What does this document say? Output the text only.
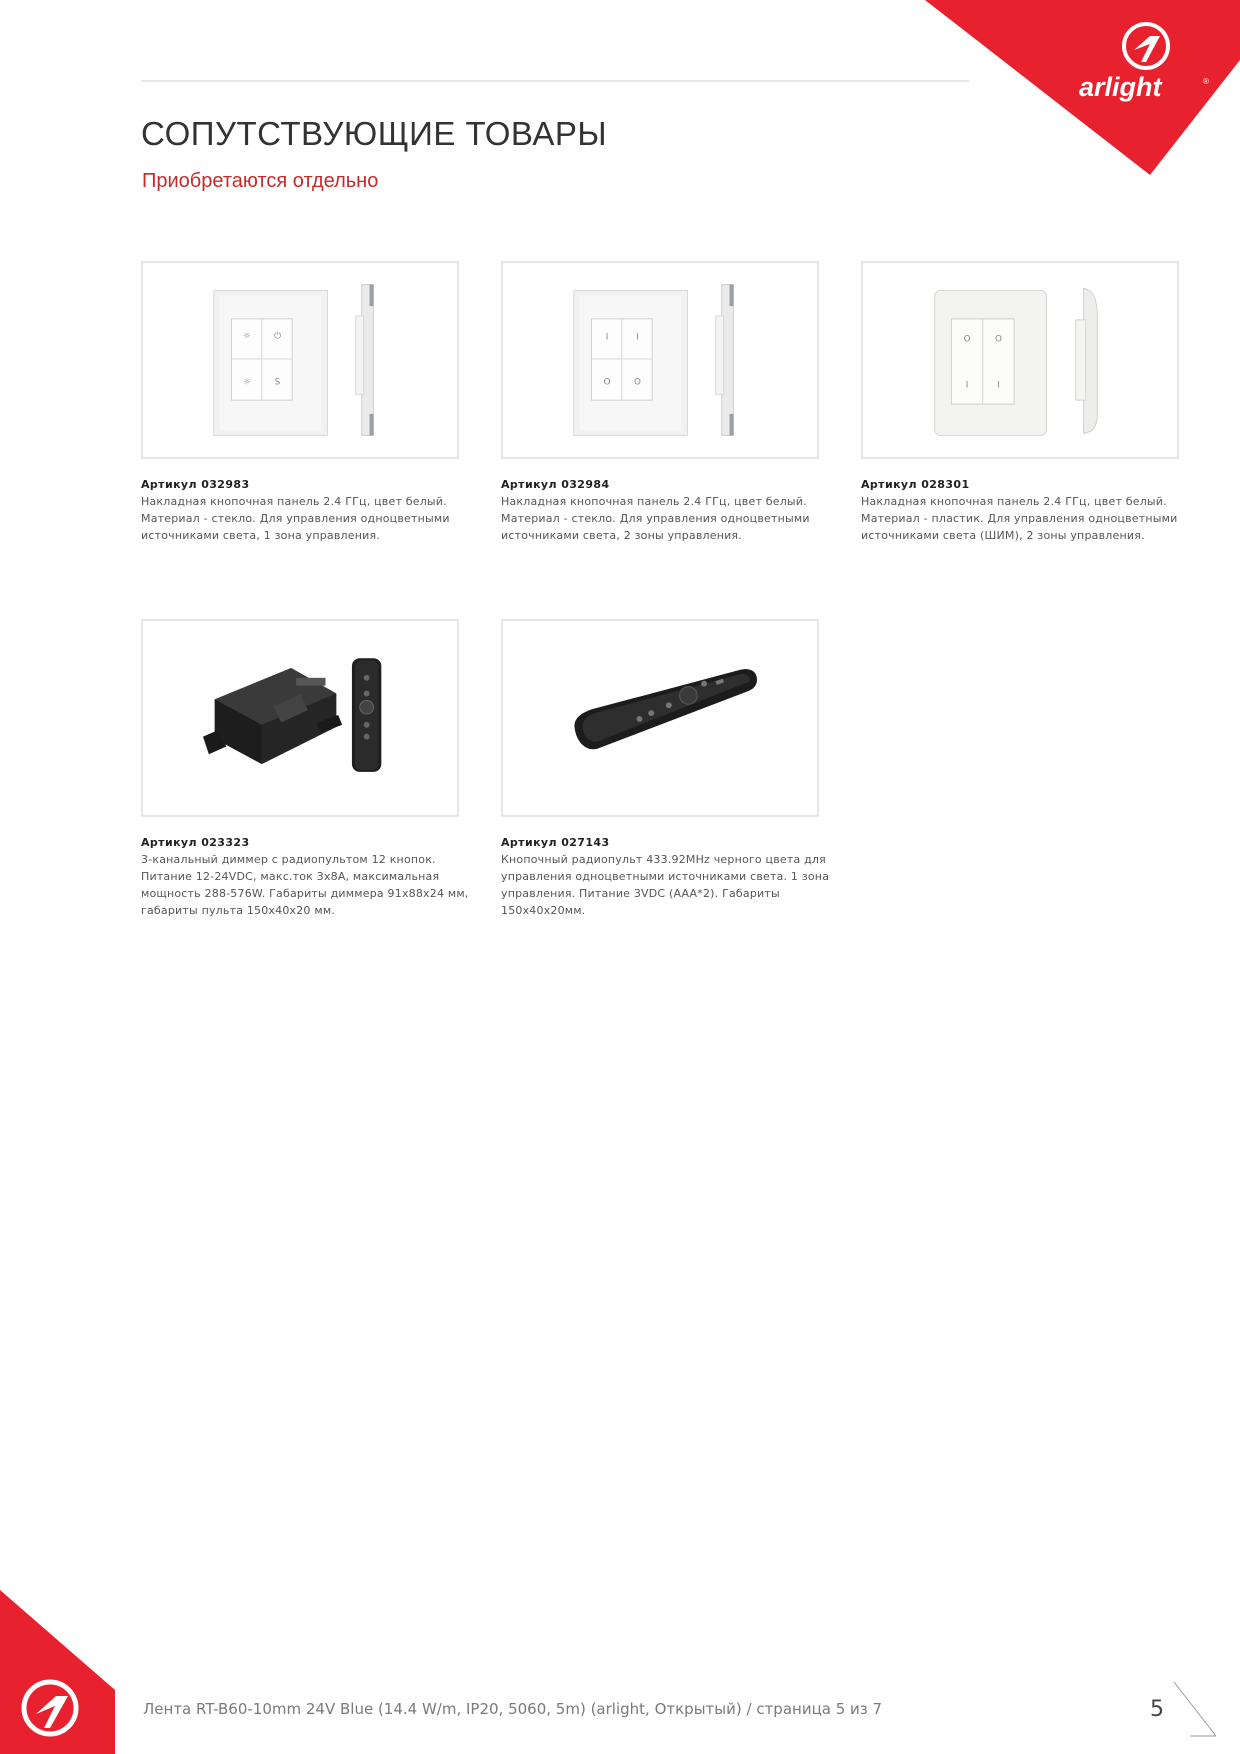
arlight	®
СОПУТСТВУЮЩИЕ ТОВАРЫ
Приобретаются отдельно
☼	⏻
☼	S
Артикул 032983
Накладная кнопочная панель 2.4 ГГц, цвет белый. Материал - стекло. Для управления одноцветными источниками света, 1 зона управления.
I	I
O	O
Артикул 032984
Накладная кнопочная панель 2.4 ГГц, цвет белый. Материал - стекло. Для управления одноцветными источниками света, 2 зоны управления.
O	O
I	I
Артикул 028301
Накладная кнопочная панель 2.4 ГГц, цвет белый. Материал - пластик. Для управления одноцветными источниками света (ШИМ), 2 зоны управления.
Артикул 023323
3-канальный диммер с радиопультом 12 кнопок. Питание 12-24VDC, макс.ток 3x8A, максимальная мощность 288-576W. Габариты диммера 91x88x24 мм, габариты пульта 150x40x20 мм.
Артикул 027143
Кнопочный радиопульт 433.92MHz черного цвета для управления одноцветными источниками света. 1 зона управления. Питание 3VDC (AAA*2). Габариты 150x40x20мм.
Лента RT-B60-10mm 24V Blue (14.4 W/m, IP20, 5060, 5m) (arlight, Открытый) / страница 5 из 7	5
